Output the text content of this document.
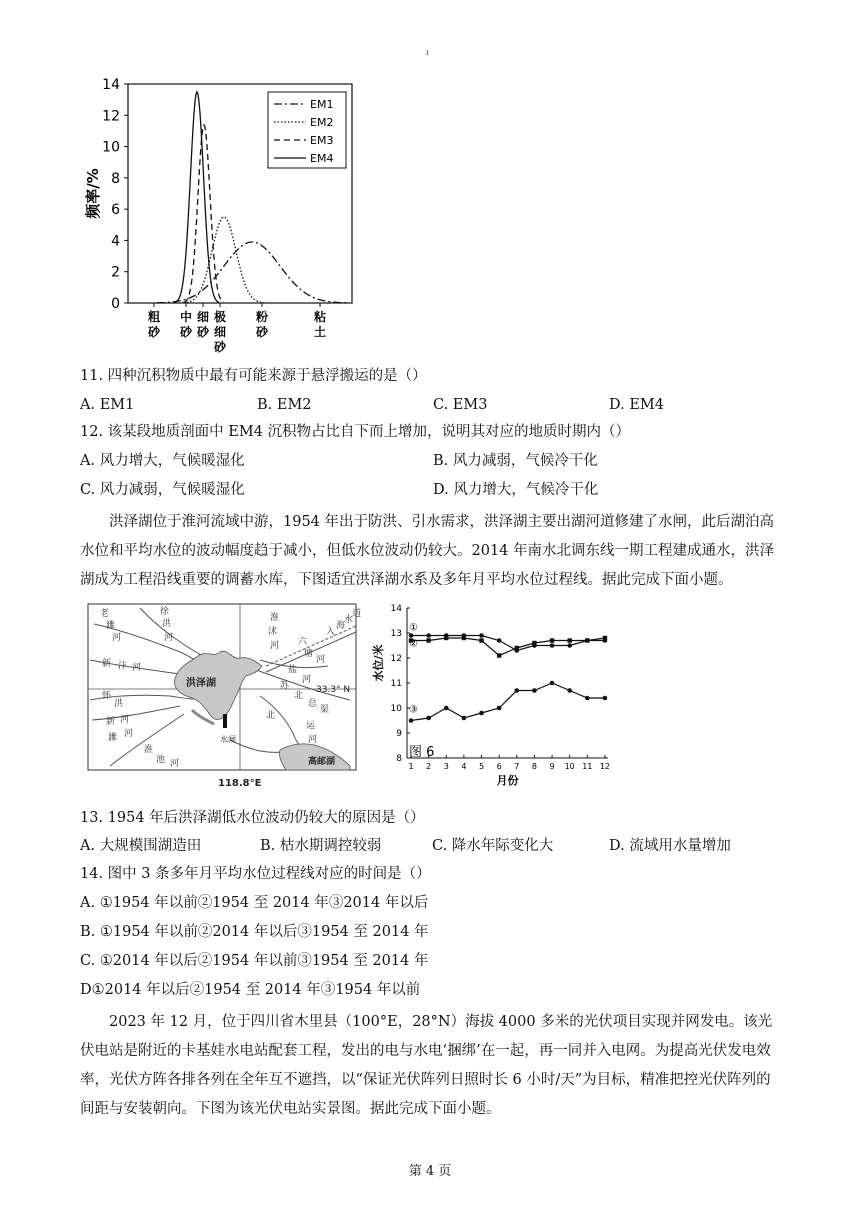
ı
0
2
4
6
8
10
12
14
频率/%
粗
砂
中
砂
细
砂
极
细
砂
粉
砂
粘
土
EM1
EM2
EM3
EM4
11. 四种沉积物质中最有可能来源于悬浮搬运的是（）
A. EM1	B. EM2	C. EM3	D. EM4
12. 该某段地质剖面中 EM4 沉积物占比自下而上增加，说明其对应的地质时期内（）
A. 风力增大，气候暖湿化	B. 风力减弱，气候冷干化
C. 风力减弱，气候暖湿化	D. 风力增大，气候冷干化
洪泽湖位于淮河流域中游，1954 年出于防洪、引水需求，洪泽湖主要出湖河道修建了水闸，此后湖泊高水位和平均水位的波动幅度趋于减小，但低水位波动仍较大。2014 年南水北调东线一期工程建成通水，洪泽湖成为工程沿线重要的调蓄水库，下图适宜洪泽湖水系及多年月平均水位过程线。据此完成下面小题。
洪泽湖
水闸
高邮湖
33.3° N
118.8°E
老
濉
河
徐
洪
河
新 汴 河
怀
洪
新 河
濉 河
淮
池 河
淮
沭
河 六
塘
河
盐
河
苏
北
总
渠
入
海
水
道
运
河
北
8
9
10
11
12
13
14
1 2 3 4 5 6 7 8 9 10 11 12
水位/米
月份
图 6
①
②
③
13. 1954 年后洪泽湖低水位波动仍较大的原因是（）
A. 大规模围湖造田	B. 枯水期调控较弱	C. 降水年际变化大	D. 流域用水量增加
14. 图中 3 条多年月平均水位过程线对应的时间是（）
A. ①1954 年以前②1954 至 2014 年③2014 年以后
B. ①1954 年以前②2014 年以后③1954 至 2014 年
C. ①2014 年以后②1954 年以前③1954 至 2014 年
D①2014 年以后②1954 至 2014 年③1954 年以前
2023 年 12 月，位于四川省木里县（100°E，28°N）海拔 4000 多米的光伏项目实现并网发电。该光伏电站是附近的卡基娃水电站配套工程，发出的电与水电‘捆绑’在一起，再一同并入电网。为提高光伏发电效率，光伏方阵各排各列在全年互不遮挡，以“保证光伏阵列日照时长 6 小时/天”为目标，精准把控光伏阵列的间距与安装朝向。下图为该光伏电站实景图。据此完成下面小题。
第 4 页
